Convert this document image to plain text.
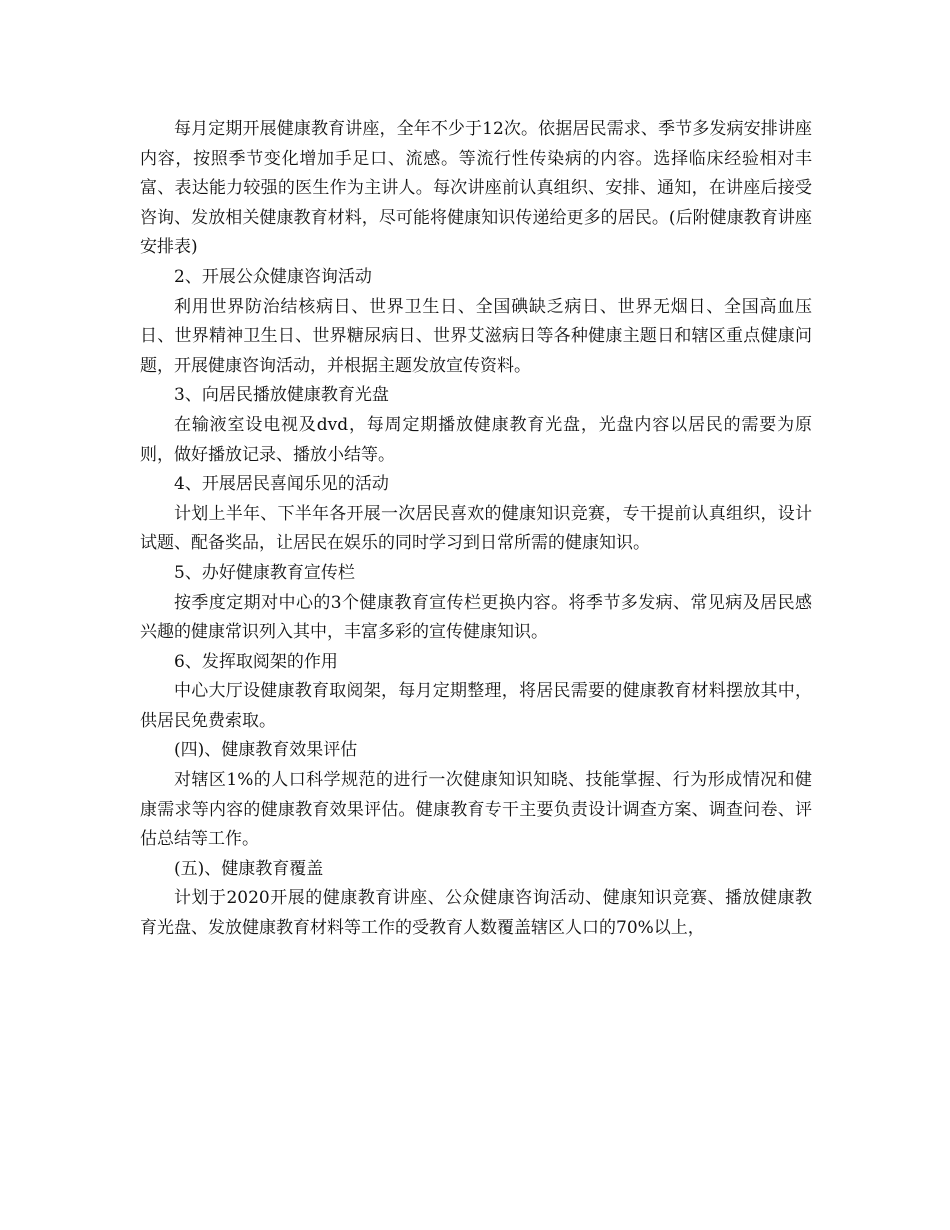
每月定期开展健康教育讲座，全年不少于12次。依据居民需求、季节多发病安排讲座内容，按照季节变化增加手足口、流感。等流行性传染病的内容。选择临床经验相对丰富、表达能力较强的医生作为主讲人。每次讲座前认真组织、安排、通知，在讲座后接受咨询、发放相关健康教育材料，尽可能将健康知识传递给更多的居民。(后附健康教育讲座安排表)

2、开展公众健康咨询活动

利用世界防治结核病日、世界卫生日、全国碘缺乏病日、世界无烟日、全国高血压日、世界精神卫生日、世界糖尿病日、世界艾滋病日等各种健康主题日和辖区重点健康问题，开展健康咨询活动，并根据主题发放宣传资料。

3、向居民播放健康教育光盘

在输液室设电视及dvd，每周定期播放健康教育光盘，光盘内容以居民的需要为原则，做好播放记录、播放小结等。

4、开展居民喜闻乐见的活动

计划上半年、下半年各开展一次居民喜欢的健康知识竞赛，专干提前认真组织，设计试题、配备奖品，让居民在娱乐的同时学习到日常所需的健康知识。

5、办好健康教育宣传栏

按季度定期对中心的3个健康教育宣传栏更换内容。将季节多发病、常见病及居民感兴趣的健康常识列入其中，丰富多彩的宣传健康知识。

6、发挥取阅架的作用

中心大厅设健康教育取阅架，每月定期整理，将居民需要的健康教育材料摆放其中，供居民免费索取。

(四)、健康教育效果评估

对辖区1%的人口科学规范的进行一次健康知识知晓、技能掌握、行为形成情况和健康需求等内容的健康教育效果评估。健康教育专干主要负责设计调查方案、调查问卷、评估总结等工作。

(五)、健康教育覆盖

计划于2020开展的健康教育讲座、公众健康咨询活动、健康知识竞赛、播放健康教育光盘、发放健康教育材料等工作的受教育人数覆盖辖区人口的70%以上，
